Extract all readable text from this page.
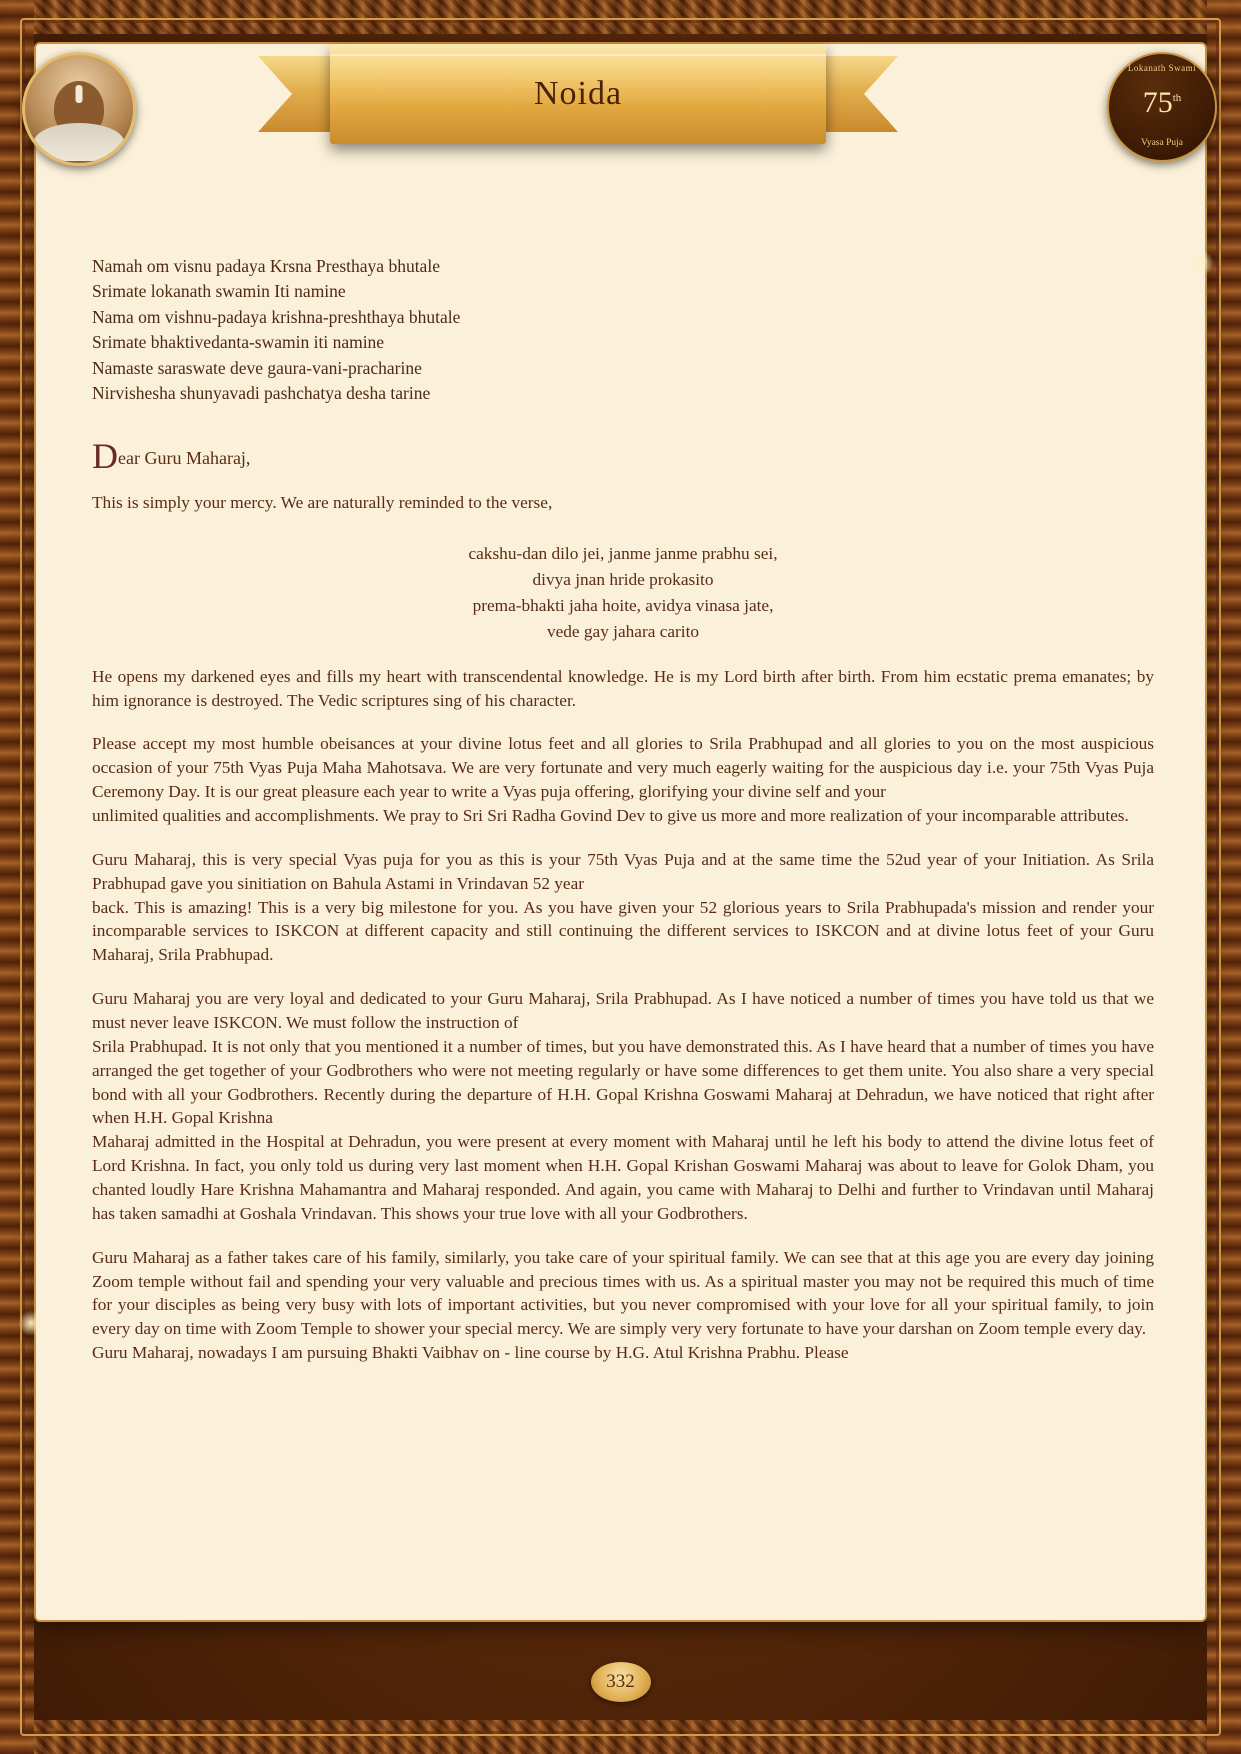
Namah om visnu padaya Krsna Presthaya bhutale

Srimate lokanath swamin Iti namine

Nama om vishnu-padaya krishna-preshthaya bhutale

Srimate bhaktivedanta-swamin iti namine

Namaste saraswate deve gaura-vani-pracharine

Nirvishesha shunyavadi pashchatya desha tarine

Dear Guru Maharaj,
This is simply your mercy. We are naturally reminded to the verse,
cakshu-dan dilo jei, janme janme prabhu sei,
divya jnan hride prokasito
prema-bhakti jaha hoite, avidya vinasa jate,
vede gay jahara carito
He opens my darkened eyes and fills my heart with transcendental knowledge. He is my Lord birth after birth. From him ecstatic prema emanates; by him ignorance is destroyed. The Vedic scriptures sing of his character.
Please accept my most humble obeisances at your divine lotus feet and all glories to Srila Prabhupad and all glories to you on the most auspicious occasion of your 75th Vyas Puja Maha Mahotsava. We are very fortunate and very much eagerly waiting for the auspicious day i.e. your 75th Vyas Puja Ceremony Day. It is our great pleasure each year to write a Vyas puja offering, glorifying your divine self and your
unlimited qualities and accomplishments. We pray to Sri Sri Radha Govind Dev to give us more and more realization of your incomparable attributes.
Guru Maharaj, this is very special Vyas puja for you as this is your 75th Vyas Puja and at the same time the 52ud year of your Initiation. As Srila Prabhupad gave you sinitiation on Bahula Astami in Vrindavan 52 year
back. This is amazing! This is a very big milestone for you. As you have given your 52 glorious years to Srila Prabhupada's mission and render your incomparable services to ISKCON at different capacity and still continuing the different services to ISKCON and at divine lotus feet of your Guru Maharaj, Srila Prabhupad.
Guru Maharaj you are very loyal and dedicated to your Guru Maharaj, Srila Prabhupad. As I have noticed a number of times you have told us that we must never leave ISKCON. We must follow the instruction of
Srila Prabhupad. It is not only that you mentioned it a number of times, but you have demonstrated this. As I have heard that a number of times you have arranged the get together of your Godbrothers who were not meeting regularly or have some differences to get them unite. You also share a very special bond with all your Godbrothers. Recently during the departure of H.H. Gopal Krishna Goswami Maharaj at Dehradun, we have noticed that right after when H.H. Gopal Krishna
Maharaj admitted in the Hospital at Dehradun, you were present at every moment with Maharaj until he left his body to attend the divine lotus feet of Lord Krishna. In fact, you only told us during very last moment when H.H. Gopal Krishan Goswami Maharaj was about to leave for Golok Dham, you chanted loudly Hare Krishna Mahamantra and Maharaj responded. And again, you came with Maharaj to Delhi and further to Vrindavan until Maharaj has taken samadhi at Goshala Vrindavan. This shows your true love with all your Godbrothers.
Guru Maharaj as a father takes care of his family, similarly, you take care of your spiritual family. We can see that at this age you are every day joining Zoom temple without fail and spending your very valuable and precious times with us. As a spiritual master you may not be required this much of time for your disciples as being very busy with lots of important activities, but you never compromised with your love for all your spiritual family, to join every day on time with Zoom Temple to shower your special mercy. We are simply very very fortunate to have your darshan on Zoom temple every day.
Guru Maharaj, nowadays I am pursuing Bhakti Vaibhav on - line course by H.G. Atul Krishna Prabhu. Please
Noida
Lokanath Swami
75th
Vyasa Puja
332
